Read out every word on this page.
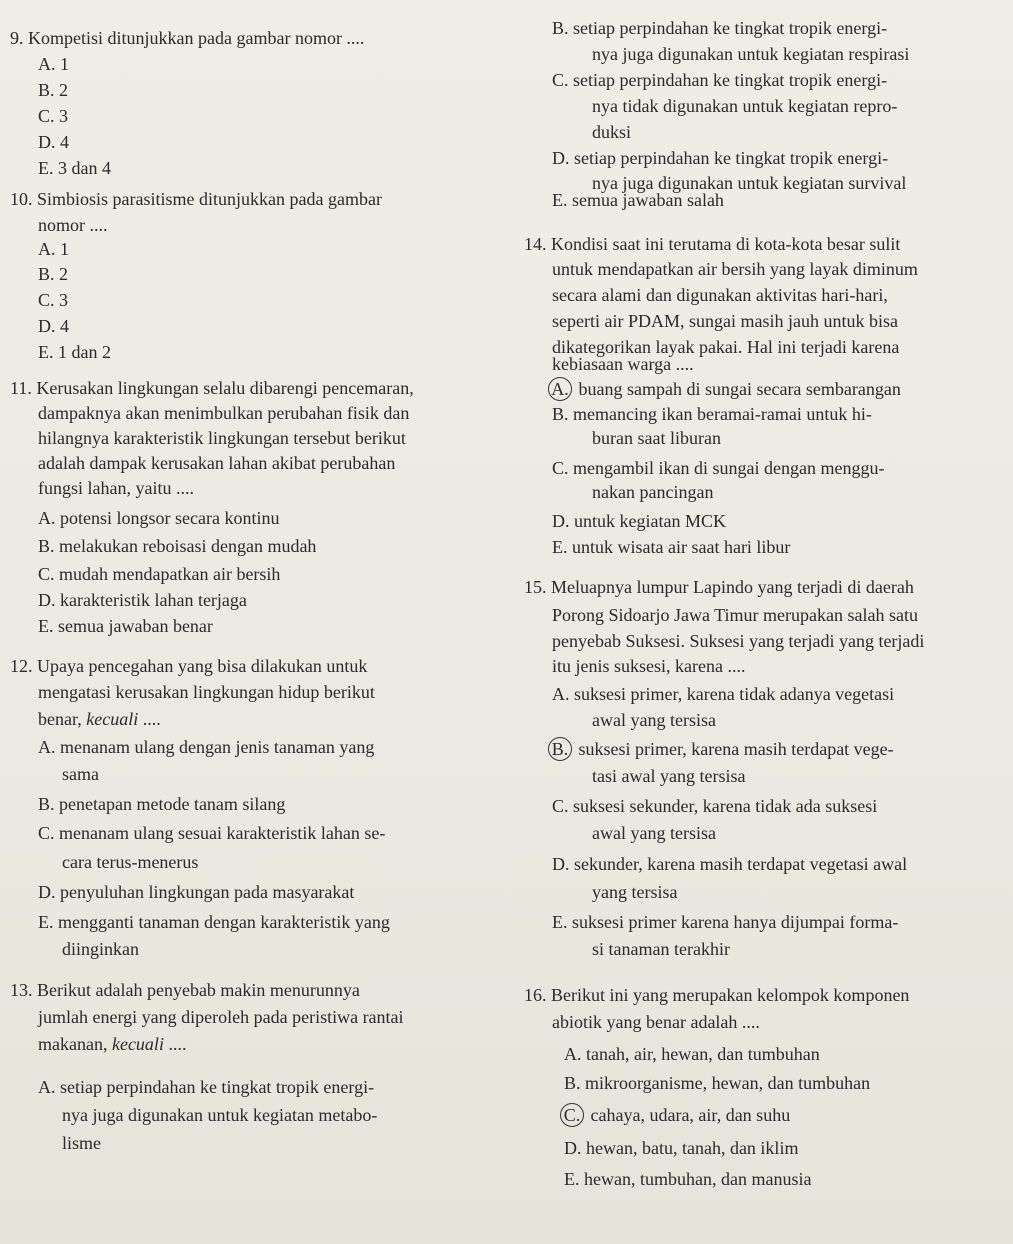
9. Kompetisi ditunjukkan pada gambar nomor ....
A. 1
B. 2
C. 3
D. 4
E. 3 dan 4
10. Simbiosis parasitisme ditunjukkan pada gambar
nomor ....
A. 1
B. 2
C. 3
D. 4
E. 1 dan 2
11. Kerusakan lingkungan selalu dibarengi pencemaran,
dampaknya akan menimbulkan perubahan fisik dan
hilangnya karakteristik lingkungan tersebut berikut
adalah dampak kerusakan lahan akibat perubahan
fungsi lahan, yaitu ....
A. potensi longsor secara kontinu
B. melakukan reboisasi dengan mudah
C. mudah mendapatkan air bersih
D. karakteristik lahan terjaga
E. semua jawaban benar
12. Upaya pencegahan yang bisa dilakukan untuk
mengatasi kerusakan lingkungan hidup berikut
benar, kecuali ....
A. menanam ulang dengan jenis tanaman yang
sama
B. penetapan metode tanam silang
C. menanam ulang sesuai karakteristik lahan se-
cara terus-menerus
D. penyuluhan lingkungan pada masyarakat
E. mengganti tanaman dengan karakteristik yang
diinginkan
13. Berikut adalah penyebab makin menurunnya
jumlah energi yang diperoleh pada peristiwa rantai
makanan, kecuali ....
A. setiap perpindahan ke tingkat tropik energi-
nya juga digunakan untuk kegiatan metabo-
lisme
B. setiap perpindahan ke tingkat tropik energi-
nya juga digunakan untuk kegiatan respirasi
C. setiap perpindahan ke tingkat tropik energi-
nya tidak digunakan untuk kegiatan repro-
duksi
D. setiap perpindahan ke tingkat tropik energi-
nya juga digunakan untuk kegiatan survival
E. semua jawaban salah
14. Kondisi saat ini terutama di kota-kota besar sulit
untuk mendapatkan air bersih yang layak diminum
secara alami dan digunakan aktivitas hari-hari,
seperti air PDAM, sungai masih jauh untuk bisa
dikategorikan layak pakai. Hal ini terjadi karena
kebiasaan warga ....
A. buang sampah di sungai secara sembarangan
B. memancing ikan beramai-ramai untuk hi-
buran saat liburan
C. mengambil ikan di sungai dengan menggu-
nakan pancingan
D. untuk kegiatan MCK
E. untuk wisata air saat hari libur
15. Meluapnya lumpur Lapindo yang terjadi di daerah
Porong Sidoarjo Jawa Timur merupakan salah satu
penyebab Suksesi. Suksesi yang terjadi yang terjadi
itu jenis suksesi, karena ....
A. suksesi primer, karena tidak adanya vegetasi
awal yang tersisa
B. suksesi primer, karena masih terdapat vege-
tasi awal yang tersisa
C. suksesi sekunder, karena tidak ada suksesi
awal yang tersisa
D. sekunder, karena masih terdapat vegetasi awal
yang tersisa
E. suksesi primer karena hanya dijumpai forma-
si tanaman terakhir
16. Berikut ini yang merupakan kelompok komponen
abiotik yang benar adalah ....
A. tanah, air, hewan, dan tumbuhan
B. mikroorganisme, hewan, dan tumbuhan
C. cahaya, udara, air, dan suhu
D. hewan, batu, tanah, dan iklim
E. hewan, tumbuhan, dan manusia
